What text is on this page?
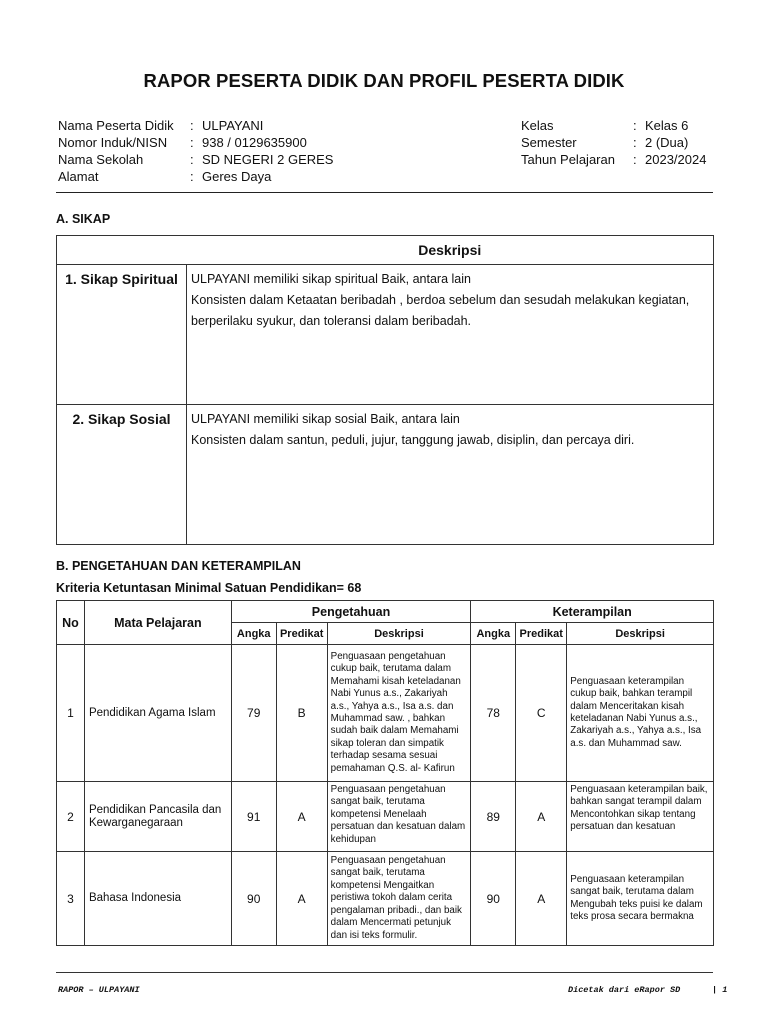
RAPOR PESERTA DIDIK DAN PROFIL PESERTA DIDIK
Nama Peserta Didik	: ULPAYANI
Nomor Induk/NISN	: 938 / 0129635900
Nama Sekolah	: SD NEGERI 2 GERES
Alamat	: Geres Daya
Kelas	: Kelas 6
Semester	: 2 (Dua)
Tahun Pelajaran	: 2023/2024
A. SIKAP
	Deskripsi
1. Sikap Spiritual	ULPAYANI memiliki sikap spiritual Baik, antara lain
Konsisten dalam Ketaatan beribadah , berdoa sebelum dan sesudah melakukan kegiatan,
berperilaku syukur, dan toleransi dalam beribadah.

2. Sikap Sosial	ULPAYANI memiliki sikap sosial Baik, antara lain
Konsisten dalam santun, peduli, jujur, tanggung jawab, disiplin, dan percaya diri.
B. PENGETAHUAN DAN KETERAMPILAN
Kriteria Ketuntasan Minimal Satuan Pendidikan= 68
No	Mata Pelajaran	Pengetahuan			Keterampilan		
		Angka	Predikat	Deskripsi	Angka	Predikat	Deskripsi
1	Pendidikan Agama Islam	79	B	Penguasaan pengetahuan cukup baik, terutama dalam Memahami kisah keteladanan Nabi Yunus a.s., Zakariyah a.s., Yahya a.s., Isa a.s. dan Muhammad saw. , bahkan sudah baik dalam Memahami sikap toleran dan simpatik terhadap sesama sesuai pemahaman Q.S. al- Kafirun	78	C	Penguasaan keterampilan cukup baik, bahkan terampil dalam Menceritakan kisah keteladanan Nabi Yunus a.s., Zakariyah a.s., Yahya a.s., Isa a.s. dan Muhammad saw.
2	Pendidikan Pancasila dan Kewarganegaraan	91	A	Penguasaan pengetahuan sangat baik, terutama kompetensi Menelaah persatuan dan kesatuan dalam kehidupan	89	A	Penguasaan keterampilan baik, bahkan sangat terampil dalam Mencontohkan sikap tentang persatuan dan kesatuan
3	Bahasa Indonesia	90	A	Penguasaan pengetahuan sangat baik, terutama kompetensi Mengaitkan peristiwa tokoh dalam cerita pengalaman pribadi., dan baik dalam Mencermati petunjuk dan isi teks formulir.	90	A	Penguasaan keterampilan sangat baik, terutama dalam Mengubah teks puisi ke dalam teks prosa secara bermakna
RAPOR – ULPAYANI	Dicetak dari eRapor SD	| 1
